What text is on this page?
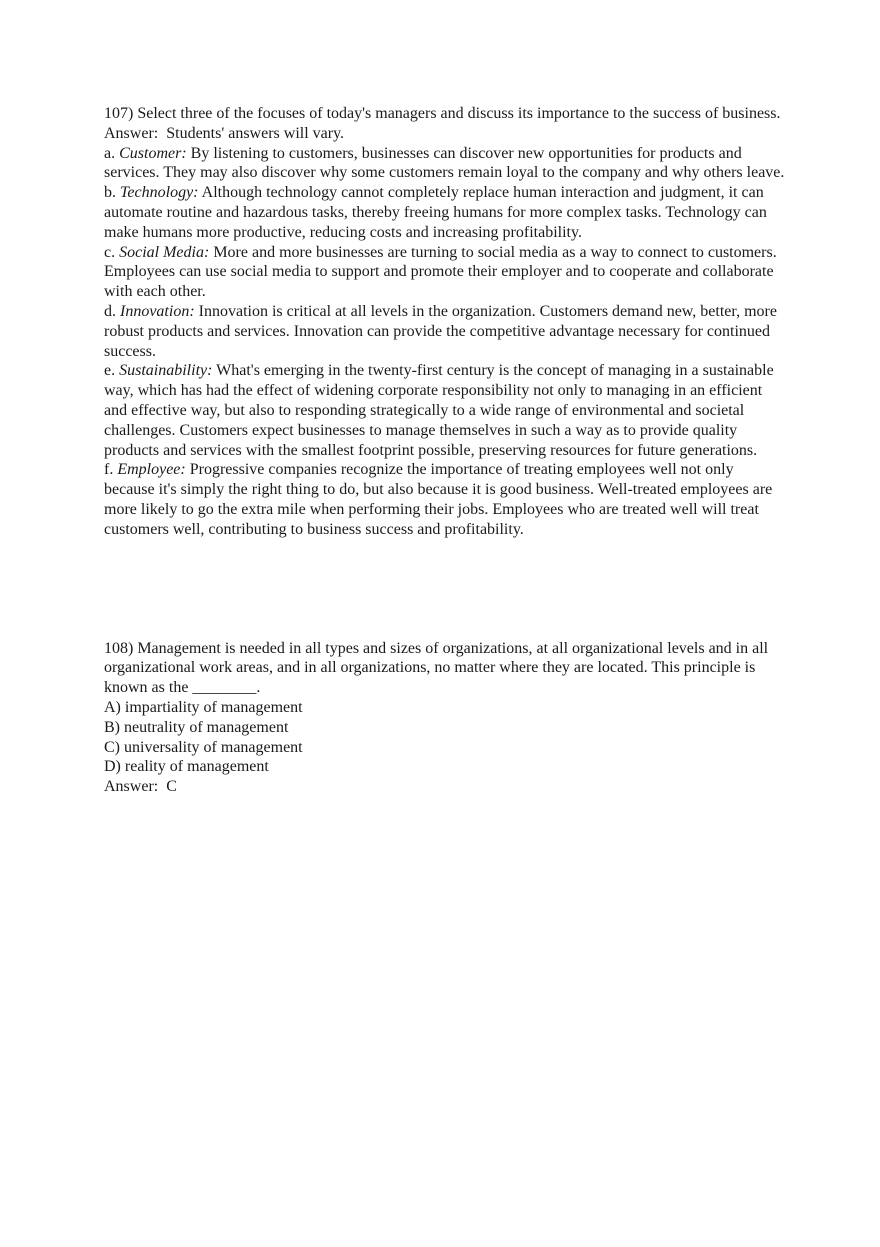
107) Select three of the focuses of today's managers and discuss its importance to the success of business.
Answer: Students' answers will vary.
a. Customer: By listening to customers, businesses can discover new opportunities for products and services. They may also discover why some customers remain loyal to the company and why others leave.
b. Technology: Although technology cannot completely replace human interaction and judgment, it can automate routine and hazardous tasks, thereby freeing humans for more complex tasks. Technology can make humans more productive, reducing costs and increasing profitability.
c. Social Media: More and more businesses are turning to social media as a way to connect to customers. Employees can use social media to support and promote their employer and to cooperate and collaborate with each other.
d. Innovation: Innovation is critical at all levels in the organization. Customers demand new, better, more robust products and services. Innovation can provide the competitive advantage necessary for continued success.
e. Sustainability: What's emerging in the twenty-first century is the concept of managing in a sustainable way, which has had the effect of widening corporate responsibility not only to managing in an efficient and effective way, but also to responding strategically to a wide range of environmental and societal challenges. Customers expect businesses to manage themselves in such a way as to provide quality products and services with the smallest footprint possible, preserving resources for future generations.
f. Employee: Progressive companies recognize the importance of treating employees well not only because it's simply the right thing to do, but also because it is good business. Well-treated employees are more likely to go the extra mile when performing their jobs. Employees who are treated well will treat customers well, contributing to business success and profitability.
108) Management is needed in all types and sizes of organizations, at all organizational levels and in all organizational work areas, and in all organizations, no matter where they are located. This principle is known as the ________.
A) impartiality of management
B) neutrality of management
C) universality of management
D) reality of management
Answer: C
